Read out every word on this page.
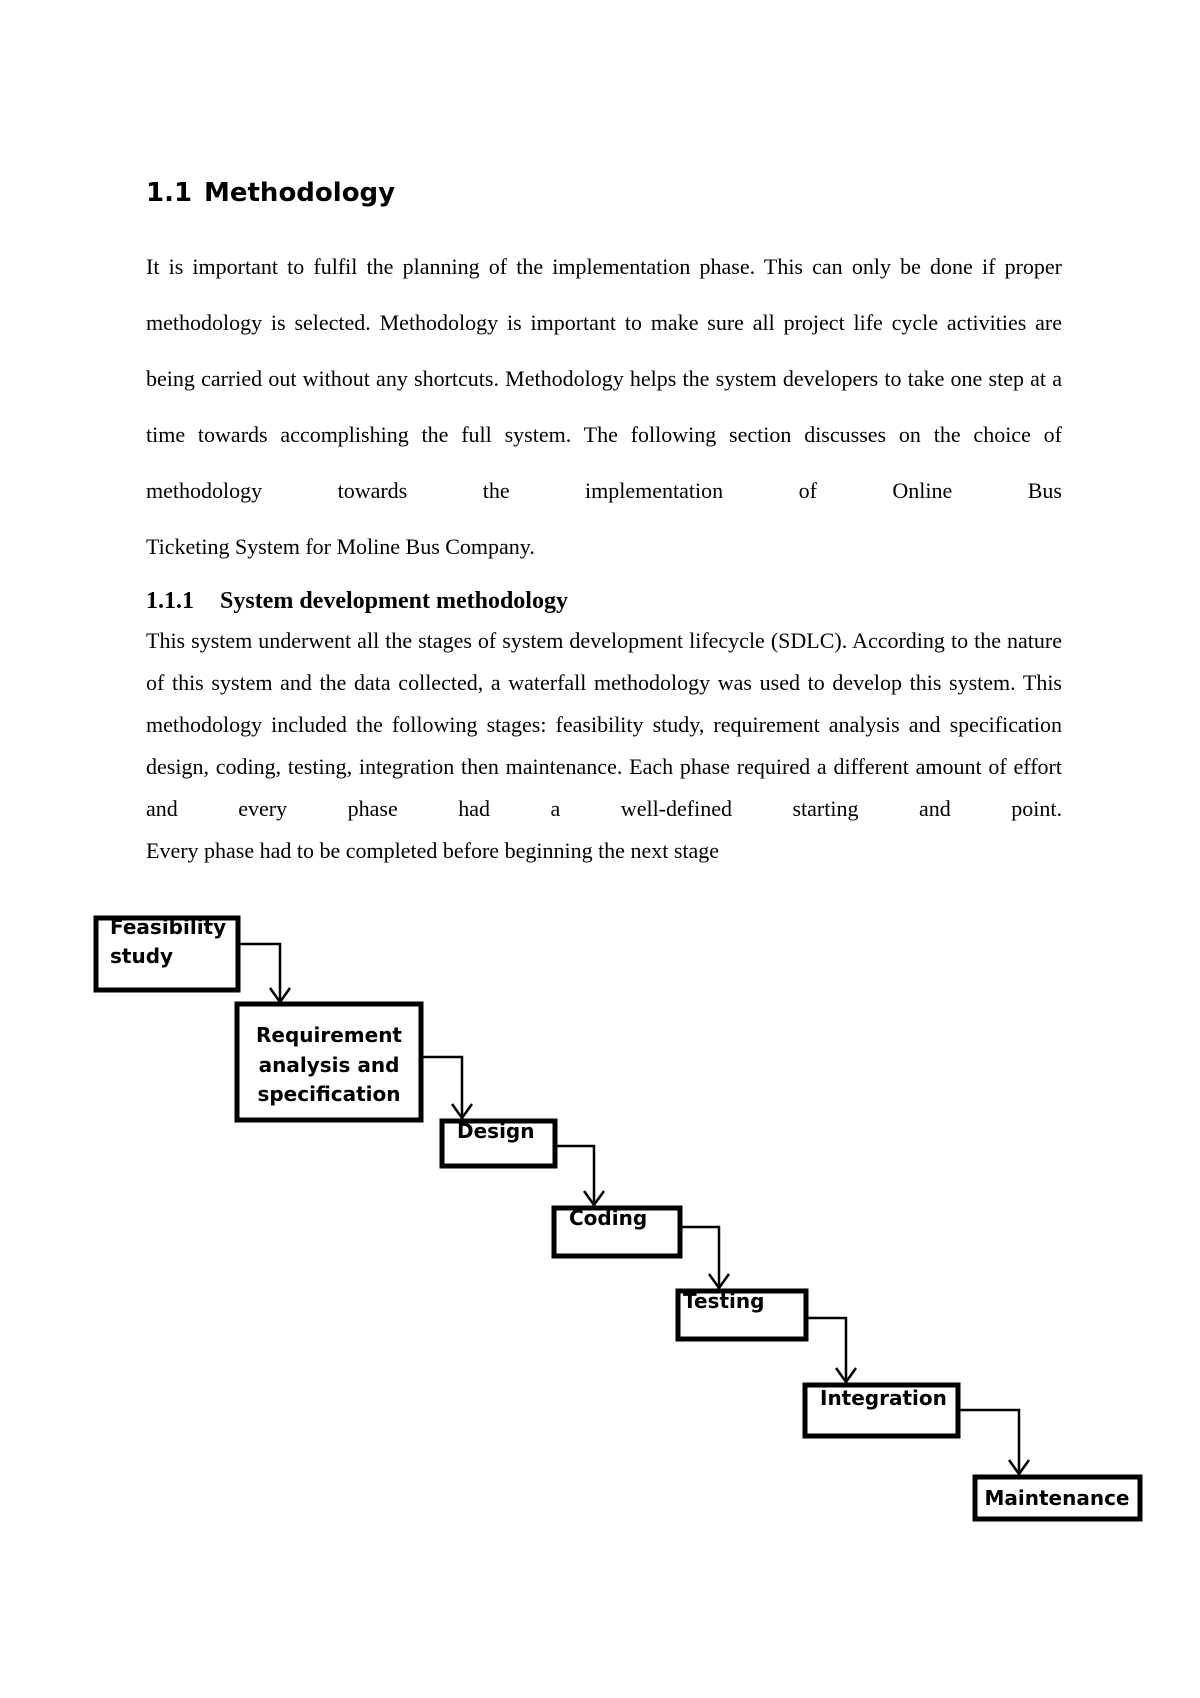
1.1 Methodology
It is important to fulfil the planning of the implementation phase. This can only be done if proper methodology is selected. Methodology is important to make sure all project life cycle activities are being carried out without any shortcuts. Methodology helps the system developers to take one step at a time towards accomplishing the full system. The following section discusses on the choice of methodology towards the implementation of Online Bus
Ticketing System for Moline Bus Company.
1.1.1 System development methodology
This system underwent all the stages of system development lifecycle (SDLC). According to the nature of this system and the data collected, a waterfall methodology was used to develop this system. This methodology included the following stages: feasibility study, requirement analysis and specification design, coding, testing, integration then maintenance. Each phase required a different amount of effort and every phase had a well-defined starting and point.
Every phase had to be completed before beginning the next stage
Feasibility
study
Requirement
analysis and
specification
Design
Coding
Testing
Integration
Maintenance
